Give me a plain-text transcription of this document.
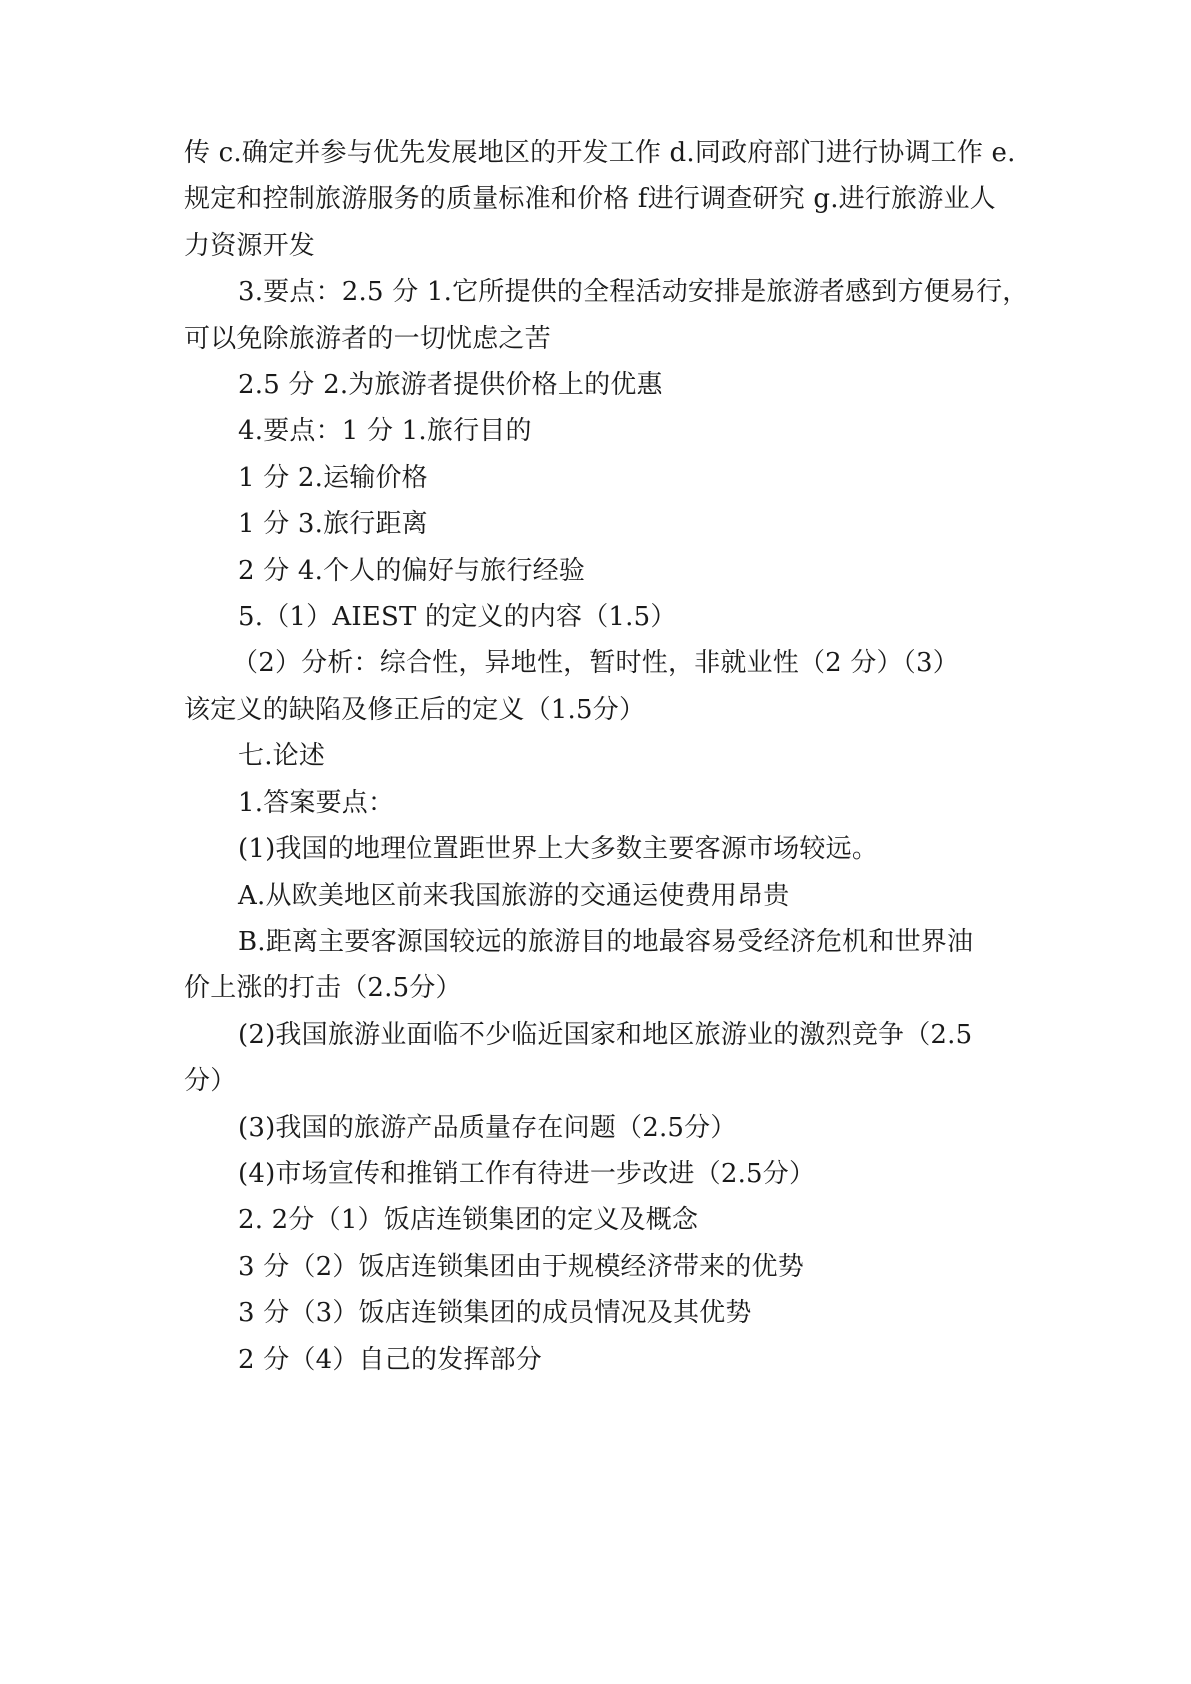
传 c.确定并参与优先发展地区的开发工作 d.同政府部门进行协调工作 e.
规定和控制旅游服务的质量标准和价格 f进行调查研究 g.进行旅游业人
力资源开发
3.要点：2.5 分 1.它所提供的全程活动安排是旅游者感到方便易行，
可以免除旅游者的一切忧虑之苦
2.5 分 2.为旅游者提供价格上的优惠
4.要点：1 分 1.旅行目的
1 分 2.运输价格
1 分 3.旅行距离
2 分 4.个人的偏好与旅行经验
5.（1）AIEST 的定义的内容（1.5）
（2）分析：综合性，异地性，暂时性，非就业性（2 分）（3）
该定义的缺陷及修正后的定义（1.5分）
七.论述
1.答案要点：
(1)我国的地理位置距世界上大多数主要客源市场较远。
A.从欧美地区前来我国旅游的交通运使费用昂贵
B.距离主要客源国较远的旅游目的地最容易受经济危机和世界油
价上涨的打击（2.5分）
(2)我国旅游业面临不少临近国家和地区旅游业的激烈竞争（2.5
分）
(3)我国的旅游产品质量存在问题（2.5分）
(4)市场宣传和推销工作有待进一步改进（2.5分）
2. 2分（1）饭店连锁集团的定义及概念
3 分（2）饭店连锁集团由于规模经济带来的优势
3 分（3）饭店连锁集团的成员情况及其优势
2 分（4）自己的发挥部分
